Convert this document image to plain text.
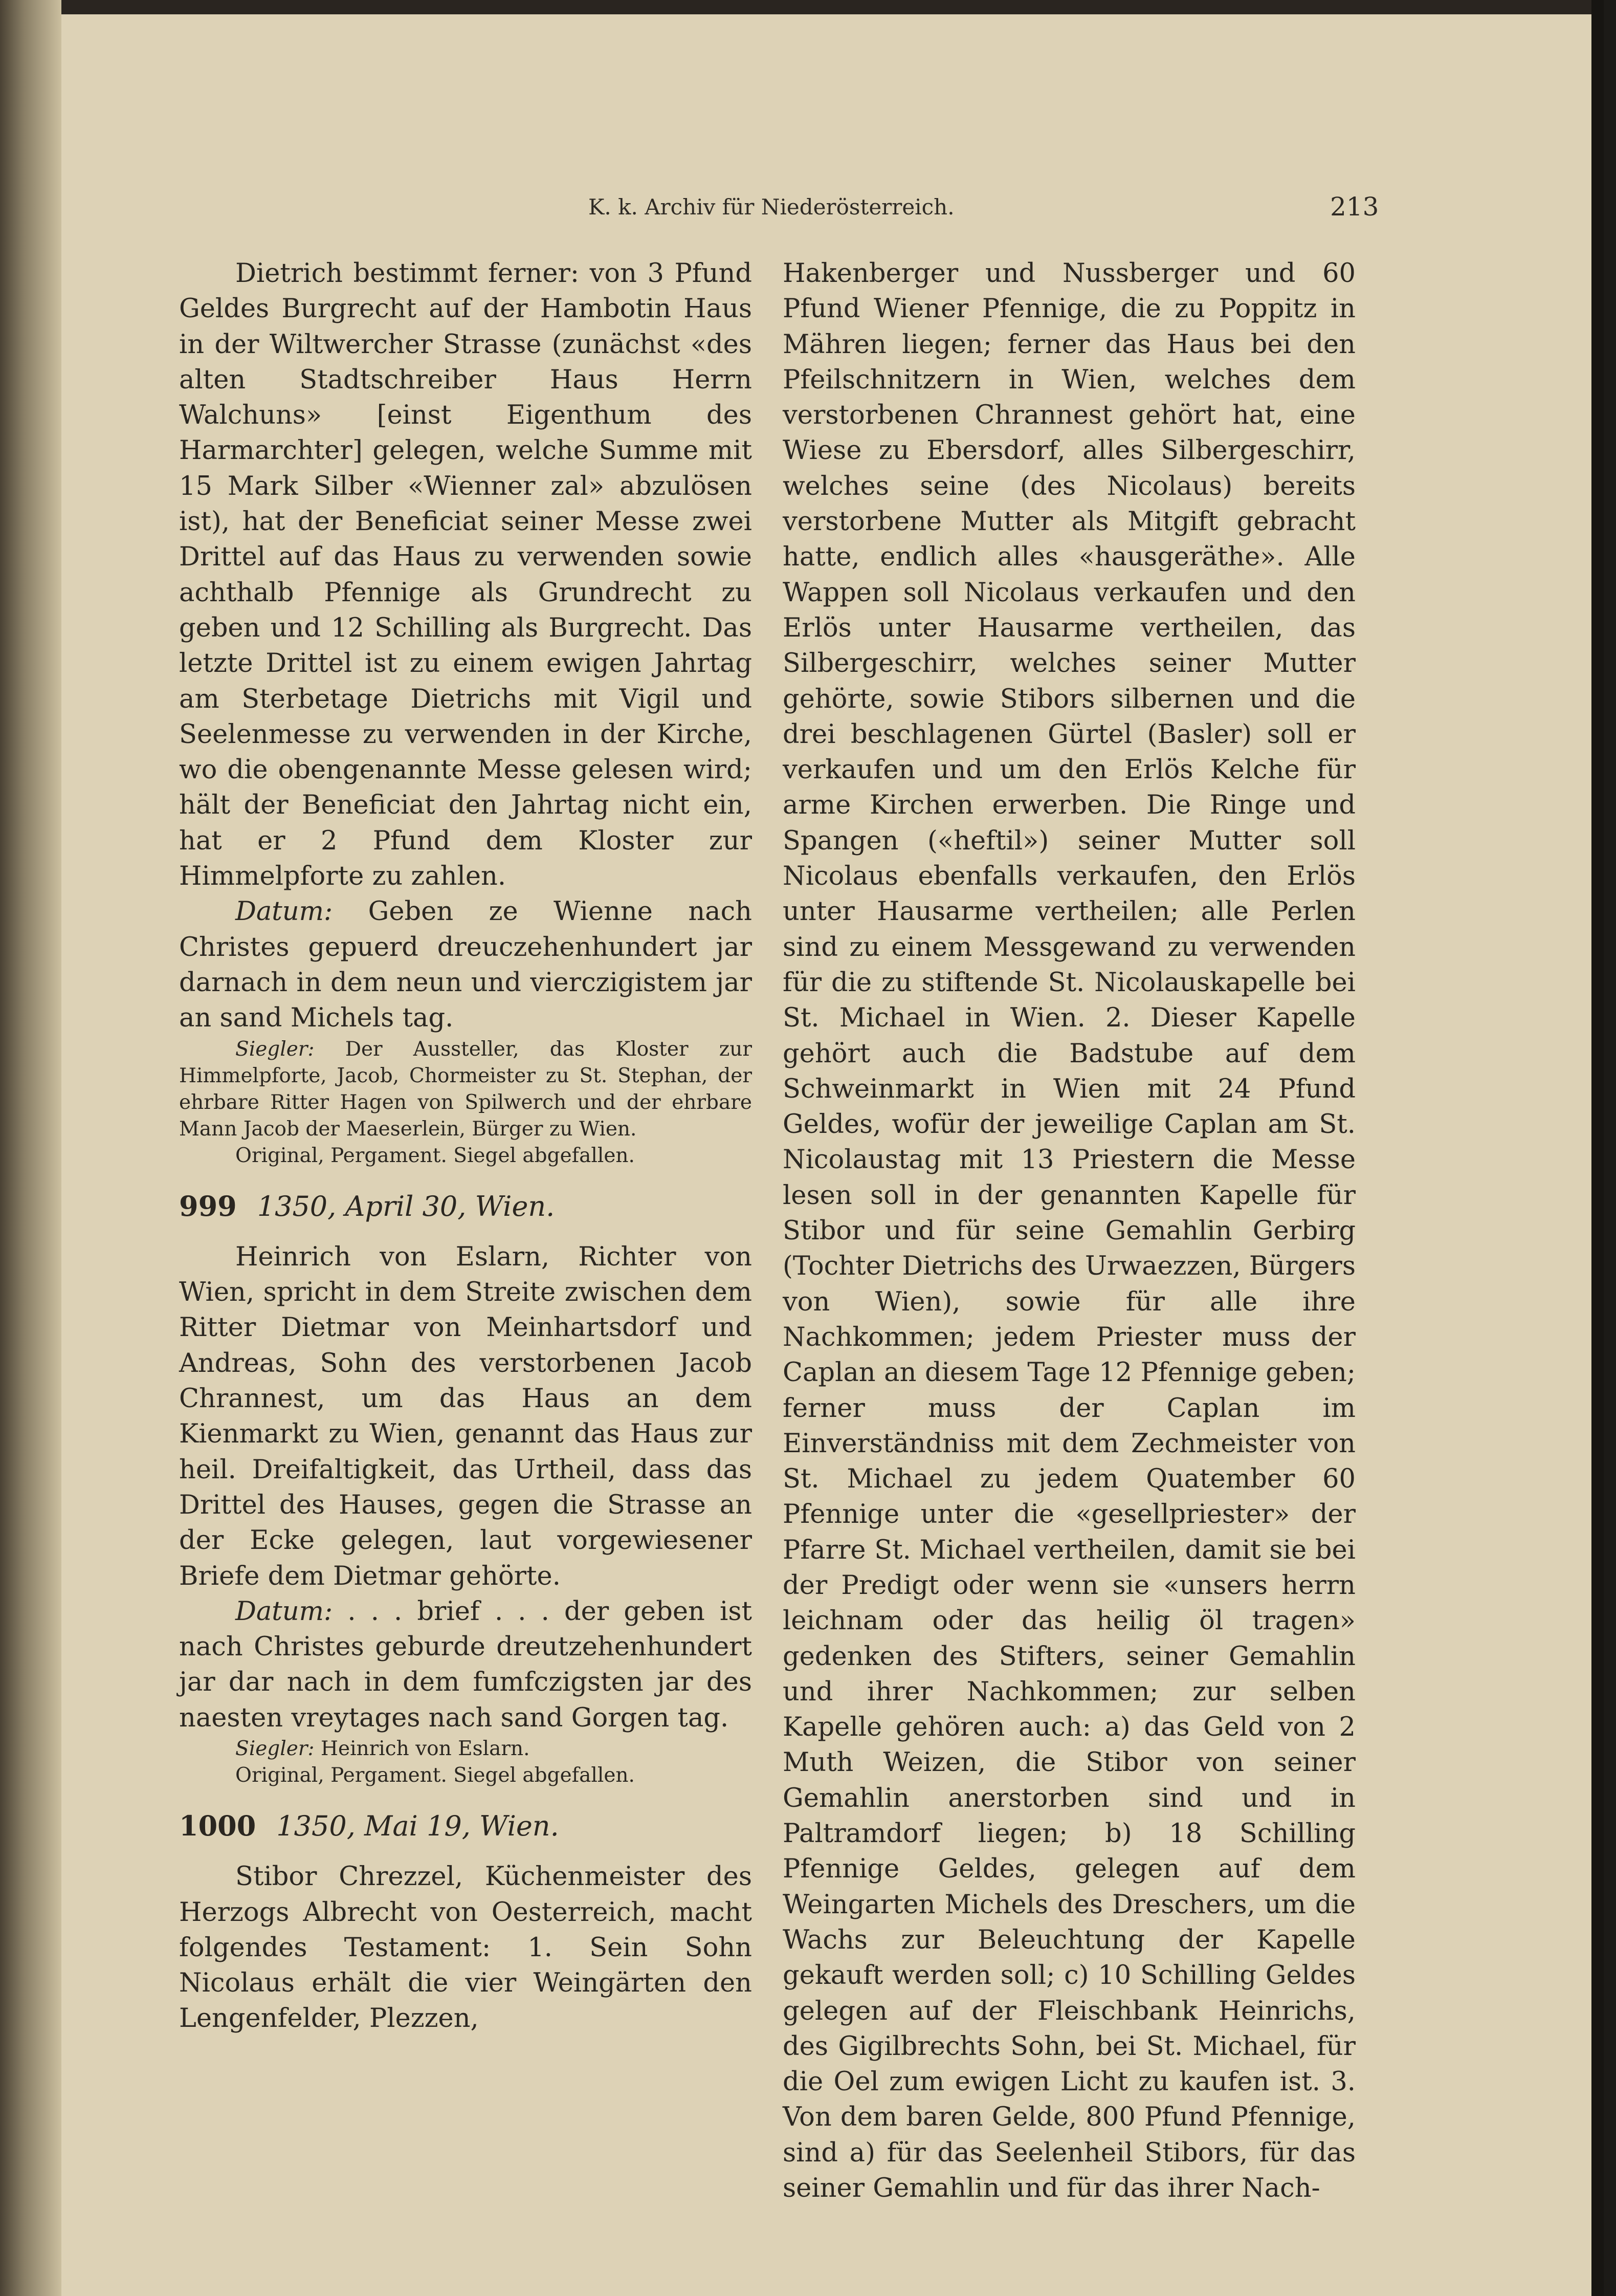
K. k. Archiv für Niederösterreich.	213

Dietrich bestimmt ferner: von 3 Pfund Geldes Burgrecht auf der Hambotin Haus in der Wiltwercher Strasse (zunächst «des alten Stadtschreiber Haus Herrn Walchuns» [einst Eigenthum des Harmarchter] gelegen, welche Summe mit 15 Mark Silber «Wienner zal» abzulösen ist), hat der Beneficiat seiner Messe zwei Drittel auf das Haus zu verwenden sowie achthalb Pfennige als Grundrecht zu geben und 12 Schilling als Burgrecht. Das letzte Drittel ist zu einem ewigen Jahrtag am Sterbetage Dietrichs mit Vigil und Seelenmesse zu verwenden in der Kirche, wo die obengenannte Messe gelesen wird; hält der Beneficiat den Jahrtag nicht ein, hat er 2 Pfund dem Kloster zur Himmelpforte zu zahlen.

Datum: Geben ze Wienne nach Christes gepuerd dreuczehenhundert jar darnach in dem neun und vierczigistem jar an sand Michels tag.

Siegler: Der Aussteller, das Kloster zur Himmelpforte, Jacob, Chormeister zu St. Stephan, der ehrbare Ritter Hagen von Spilwerch und der ehrbare Mann Jacob der Maeserlein, Bürger zu Wien.

Original, Pergament. Siegel abgefallen.

999 1350, April 30, Wien.

Heinrich von Eslarn, Richter von Wien, spricht in dem Streite zwischen dem Ritter Dietmar von Meinhartsdorf und Andreas, Sohn des verstorbenen Jacob Chrannest, um das Haus an dem Kienmarkt zu Wien, genannt das Haus zur heil. Dreifaltigkeit, das Urtheil, dass das Drittel des Hauses, gegen die Strasse an der Ecke gelegen, laut vorgewiesener Briefe dem Dietmar gehörte.

Datum: . . . brief . . . der geben ist nach Christes geburde dreutzehenhundert jar dar nach in dem fumfczigsten jar des naesten vreytages nach sand Gorgen tag.

Siegler: Heinrich von Eslarn.

Original, Pergament. Siegel abgefallen.

1000 1350, Mai 19, Wien.

Stibor Chrezzel, Küchenmeister des Herzogs Albrecht von Oesterreich, macht folgendes Testament: 1. Sein Sohn Nicolaus erhält die vier Weingärten den Lengenfelder, Plezzen,

Hakenberger und Nussberger und 60 Pfund Wiener Pfennige, die zu Poppitz in Mähren liegen; ferner das Haus bei den Pfeilschnitzern in Wien, welches dem verstorbenen Chrannest gehört hat, eine Wiese zu Ebersdorf, alles Silbergeschirr, welches seine (des Nicolaus) bereits verstorbene Mutter als Mitgift gebracht hatte, endlich alles «hausgeräthe». Alle Wappen soll Nicolaus verkaufen und den Erlös unter Hausarme vertheilen, das Silbergeschirr, welches seiner Mutter gehörte, sowie Stibors silbernen und die drei beschlagenen Gürtel (Basler) soll er verkaufen und um den Erlös Kelche für arme Kirchen erwerben. Die Ringe und Spangen («heftil») seiner Mutter soll Nicolaus ebenfalls verkaufen, den Erlös unter Hausarme vertheilen; alle Perlen sind zu einem Messgewand zu verwenden für die zu stiftende St. Nicolauskapelle bei St. Michael in Wien. 2. Dieser Kapelle gehört auch die Badstube auf dem Schweinmarkt in Wien mit 24 Pfund Geldes, wofür der jeweilige Caplan am St. Nicolaustag mit 13 Priestern die Messe lesen soll in der genannten Kapelle für Stibor und für seine Gemahlin Gerbirg (Tochter Dietrichs des Urwaezzen, Bürgers von Wien), sowie für alle ihre Nachkommen; jedem Priester muss der Caplan an diesem Tage 12 Pfennige geben; ferner muss der Caplan im Einverständniss mit dem Zechmeister von St. Michael zu jedem Quatember 60 Pfennige unter die «gesellpriester» der Pfarre St. Michael vertheilen, damit sie bei der Predigt oder wenn sie «unsers herrn leichnam oder das heilig öl tragen» gedenken des Stifters, seiner Gemahlin und ihrer Nachkommen; zur selben Kapelle gehören auch: a) das Geld von 2 Muth Weizen, die Stibor von seiner Gemahlin anerstorben sind und in Paltramdorf liegen; b) 18 Schilling Pfennige Geldes, gelegen auf dem Weingarten Michels des Dreschers, um die Wachs zur Beleuchtung der Kapelle gekauft werden soll; c) 10 Schilling Geldes gelegen auf der Fleischbank Heinrichs, des Gigilbrechts Sohn, bei St. Michael, für die Oel zum ewigen Licht zu kaufen ist. 3. Von dem baren Gelde, 800 Pfund Pfennige, sind a) für das Seelenheil Stibors, für das seiner Gemahlin und für das ihrer Nach-
